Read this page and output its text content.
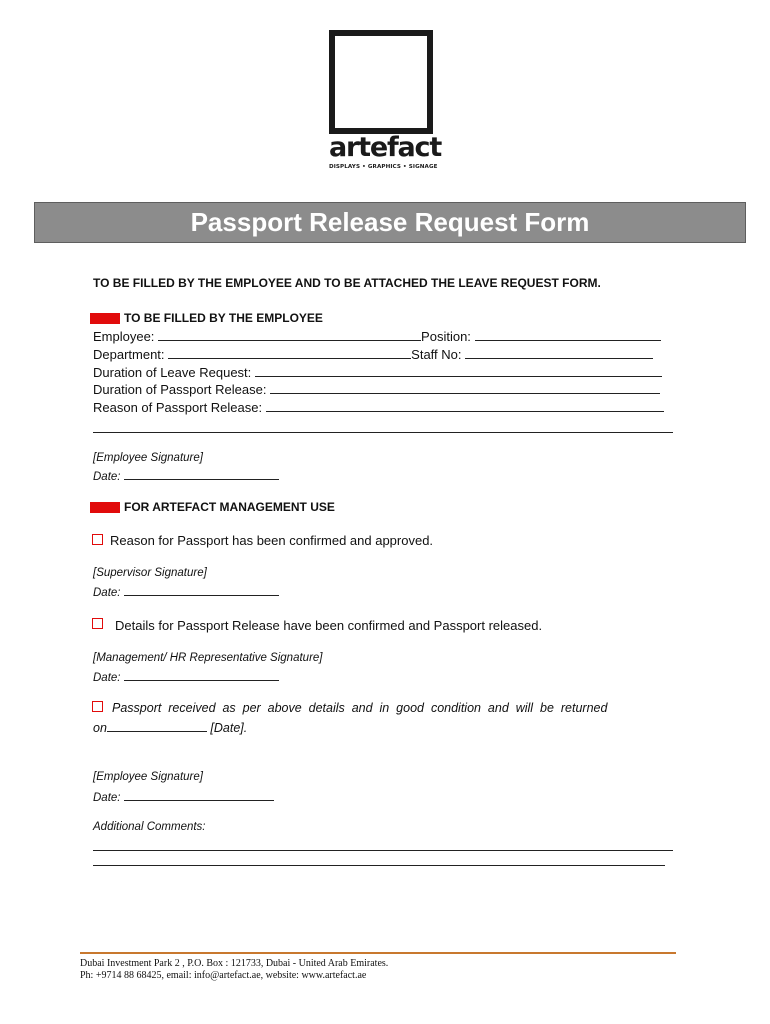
artefact
DISPLAYS • GRAPHICS • SIGNAGE
Passport Release Request Form
TO BE FILLED BY THE EMPLOYEE AND TO BE ATTACHED THE LEAVE REQUEST FORM.
TO BE FILLED BY THE EMPLOYEE
Employee:	Position:
Department:	Staff No:
Duration of Leave Request:
Duration of Passport Release:
Reason of Passport Release:
[Employee Signature]
Date:
FOR ARTEFACT MANAGEMENT USE
Reason for Passport has been confirmed and approved.
[Supervisor Signature]
Date:
Details for Passport Release have been confirmed and Passport released.
[Management/ HR Representative Signature]
Date:
Passport  received  as  per  above  details  and  in  good  condition  and  will  be  returned
on	[Date].
[Employee Signature]
Date:
Additional Comments:
Dubai Investment Park 2 , P.O. Box : 121733, Dubai - United Arab Emirates.
Ph: +9714 88 68425, email: info@artefact.ae, website: www.artefact.ae
